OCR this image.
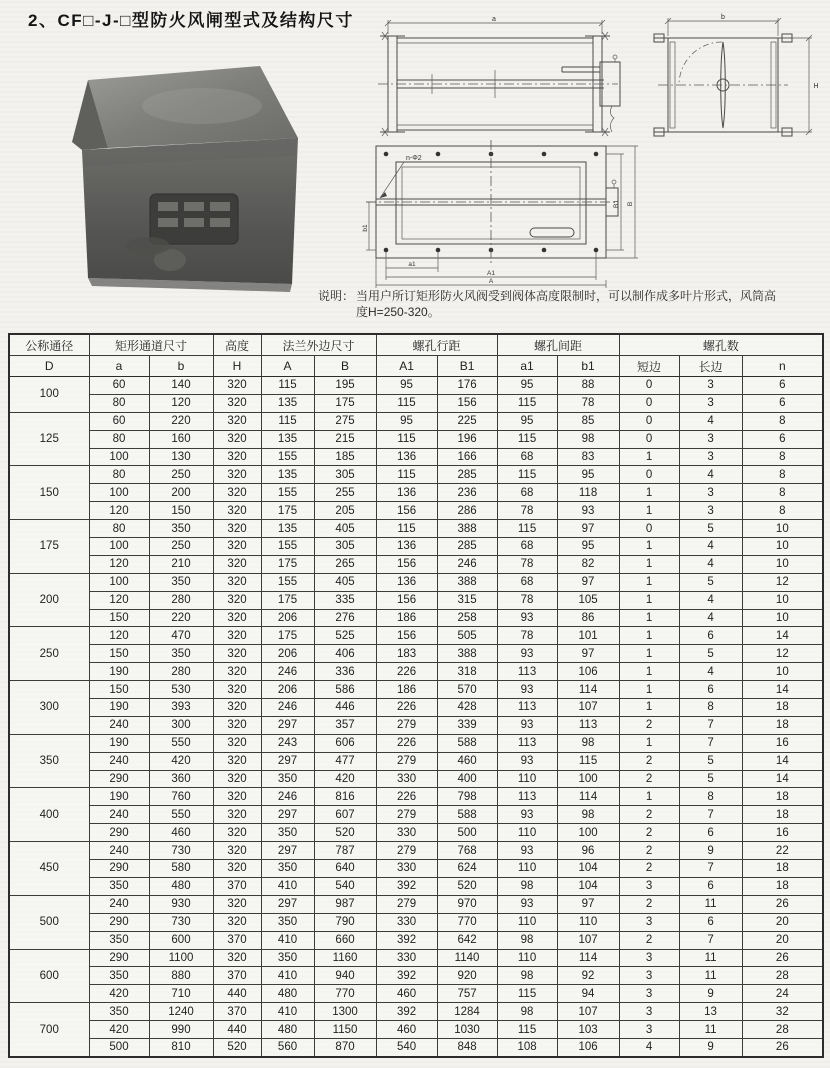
2、CF□-J-□型防火风闸型式及结构尺寸	a	b
H
n-Φ2
b1
B1 B
a1
A1
A
说明： 当用户所订矩形防火风阀受到阀体高度限制时，可以制作成多叶片形式，风筒高
度H=250-320。
公称通径	矩形通道尺寸		高度	法兰外边尺寸		螺孔行距		螺孔间距		螺孔数		
D	a	b	H	A	B	A1	B1	a1	b1	短边	长边	n
100	60	140	320	115	195	95	176	95	88	0	3	6
	80	120	320	135	175	115	156	115	78	0	3	6
125	60	220	320	115	275	95	225	95	85	0	4	8
	80	160	320	135	215	115	196	115	98	0	3	6
	100	130	320	155	185	136	166	68	83	1	3	8
150	80	250	320	135	305	115	285	115	95	0	4	8
	100	200	320	155	255	136	236	68	118	1	3	8
	120	150	320	175	205	156	286	78	93	1	3	8
175	80	350	320	135	405	115	388	115	97	0	5	10
	100	250	320	155	305	136	285	68	95	1	4	10
	120	210	320	175	265	156	246	78	82	1	4	10
200	100	350	320	155	405	136	388	68	97	1	5	12
	120	280	320	175	335	156	315	78	105	1	4	10
	150	220	320	206	276	186	258	93	86	1	4	10
250	120	470	320	175	525	156	505	78	101	1	6	14
	150	350	320	206	406	183	388	93	97	1	5	12
	190	280	320	246	336	226	318	113	106	1	4	10
300	150	530	320	206	586	186	570	93	114	1	6	14
	190	393	320	246	446	226	428	113	107	1	8	18
	240	300	320	297	357	279	339	93	113	2	7	18
350	190	550	320	243	606	226	588	113	98	1	7	16
	240	420	320	297	477	279	460	93	115	2	5	14
	290	360	320	350	420	330	400	110	100	2	5	14
400	190	760	320	246	816	226	798	113	114	1	8	18
	240	550	320	297	607	279	588	93	98	2	7	18
	290	460	320	350	520	330	500	110	100	2	6	16
450	240	730	320	297	787	279	768	93	96	2	9	22
	290	580	320	350	640	330	624	110	104	2	7	18
	350	480	370	410	540	392	520	98	104	3	6	18
500	240	930	320	297	987	279	970	93	97	2	11	26
	290	730	320	350	790	330	770	110	110	3	6	20
	350	600	370	410	660	392	642	98	107	2	7	20
600	290	1100	320	350	1160	330	1140	110	114	3	11	26
	350	880	370	410	940	392	920	98	92	3	11	28
	420	710	440	480	770	460	757	115	94	3	9	24
700	350	1240	370	410	1300	392	1284	98	107	3	13	32
	420	990	440	480	1150	460	1030	115	103	3	11	28
	500	810	520	560	870	540	848	108	106	4	9	26
